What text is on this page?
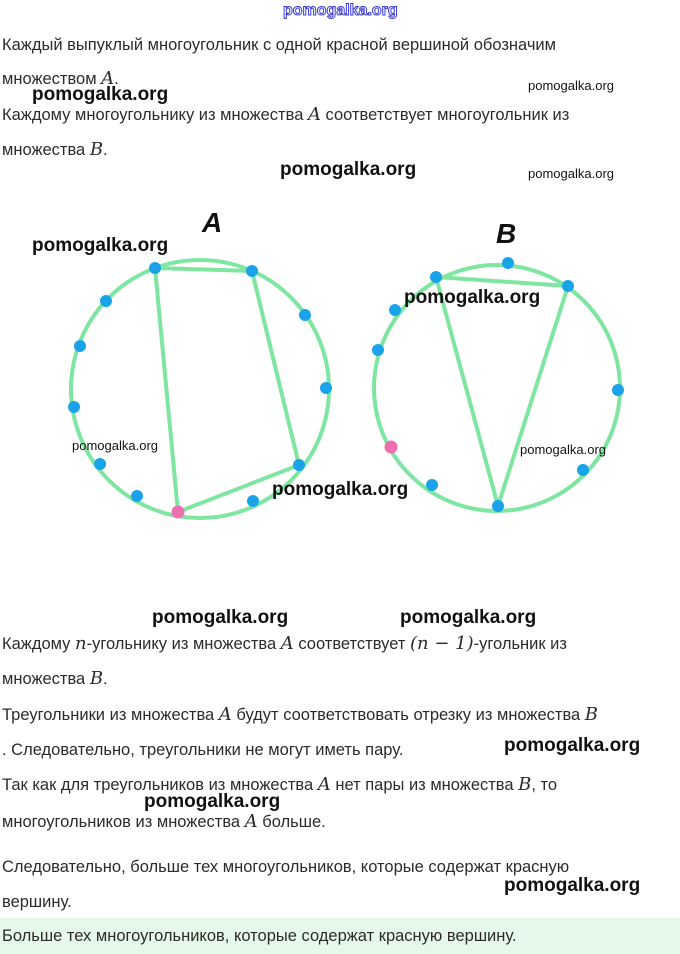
pomogalka.org
Каждый выпуклый многоугольник с одной красной вершиной обозначим
множеством A.
Каждому многоугольнику из множества A соответствует многоугольник из
множества B.
A	B
Каждому n-угольнику из множества A соответствует (n − 1)-угольник из
множества B.
Треугольники из множества A будут соответствовать отрезку из множества B
. Следовательно, треугольники не могут иметь пару.
Так как для треугольников из множества A нет пары из множества B, то
многоугольников из множества A больше.
Следовательно, больше тех многоугольников, которые содержат красную
вершину.
Больше тех многоугольников, которые содержат красную вершину.
pomogalka.org	pomogalka.org
pomogalka.org	pomogalka.org
pomogalka.org
pomogalka.org
pomogalka.org	pomogalka.org
pomogalka.org
pomogalka.org	pomogalka.org
pomogalka.org
pomogalka.org
pomogalka.org
